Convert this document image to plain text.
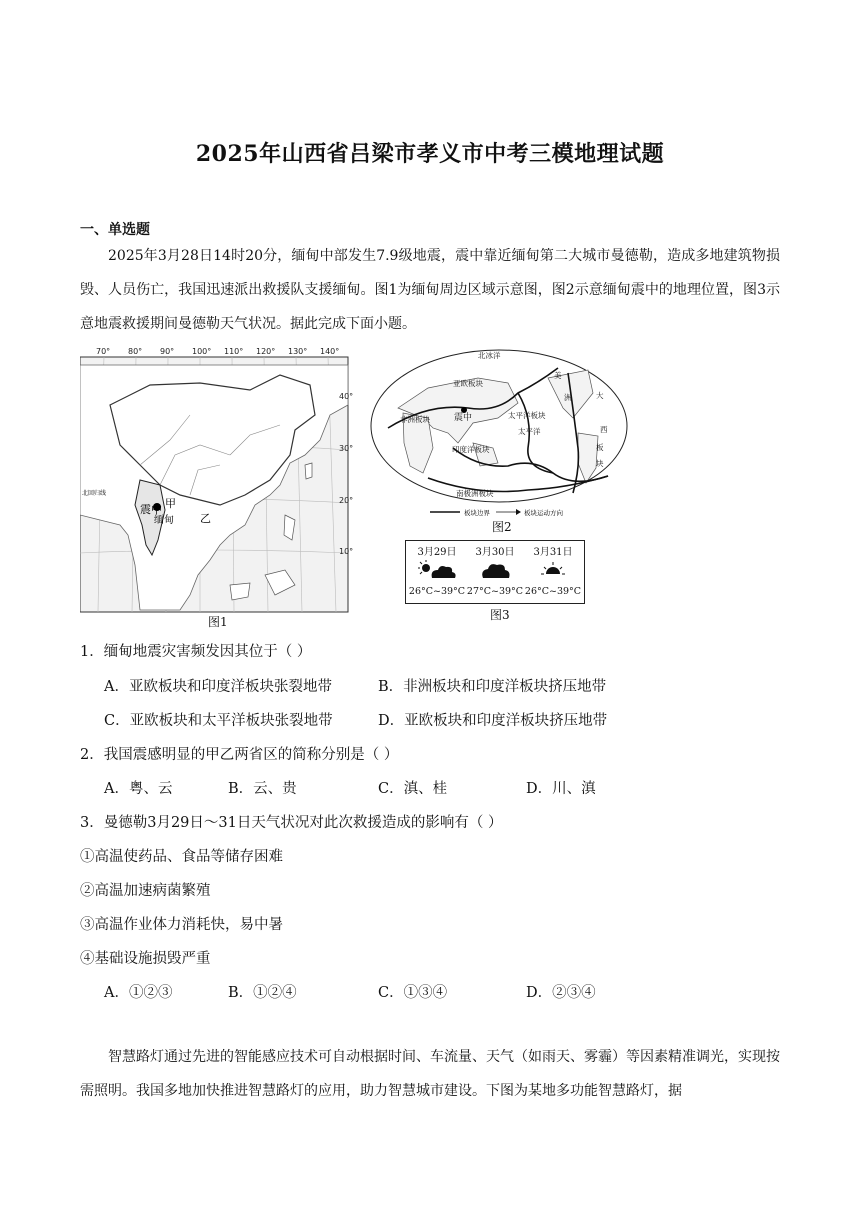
2025年山西省吕梁市孝义市中考三模地理试题
一、单选题
2025年3月28日14时20分，缅甸中部发生7.9级地震，震中靠近缅甸第二大城市曼德勒，造成多地建筑物损毁、人员伤亡，我国迅速派出救援队支援缅甸。图1为缅甸周边区域示意图，图2示意缅甸震中的地理位置，图3示意地震救援期间曼德勒天气状况。据此完成下面小题。
震中 甲
乙
缅甸
北回归线
70° 80° 90° 100° 110° 120° 130° 140°
40°
30°
20°
10°
图1
北冰洋
亚欧板块
非洲板块	震中	太平洋板块
太平洋
印度洋板块
南极洲板块
美
洲	大
西
板
块
板块边界	板块运动方向
图2
3月29日
26°C~39°C
3月30日
27°C~39°C
3月31日
26°C~39°C
图3
1．缅甸地震灾害频发因其位于（ ）
A．亚欧板块和印度洋板块张裂地带	B．非洲板块和印度洋板块挤压地带
C．亚欧板块和太平洋板块张裂地带	D．亚欧板块和印度洋板块挤压地带
2．我国震感明显的甲乙两省区的简称分别是（ ）
A．粤、云	B．云、贵	C．滇、桂	D．川、滇
3．曼德勒3月29日～31日天气状况对此次救援造成的影响有（ ）
①高温使药品、食品等储存困难
②高温加速病菌繁殖
③高温作业体力消耗快，易中暑
④基础设施损毁严重
A．①②③	B．①②④	C．①③④	D．②③④
智慧路灯通过先进的智能感应技术可自动根据时间、车流量、天气（如雨天、雾霾）等因素精准调光，实现按需照明。我国多地加快推进智慧路灯的应用，助力智慧城市建设。下图为某地多功能智慧路灯，据
